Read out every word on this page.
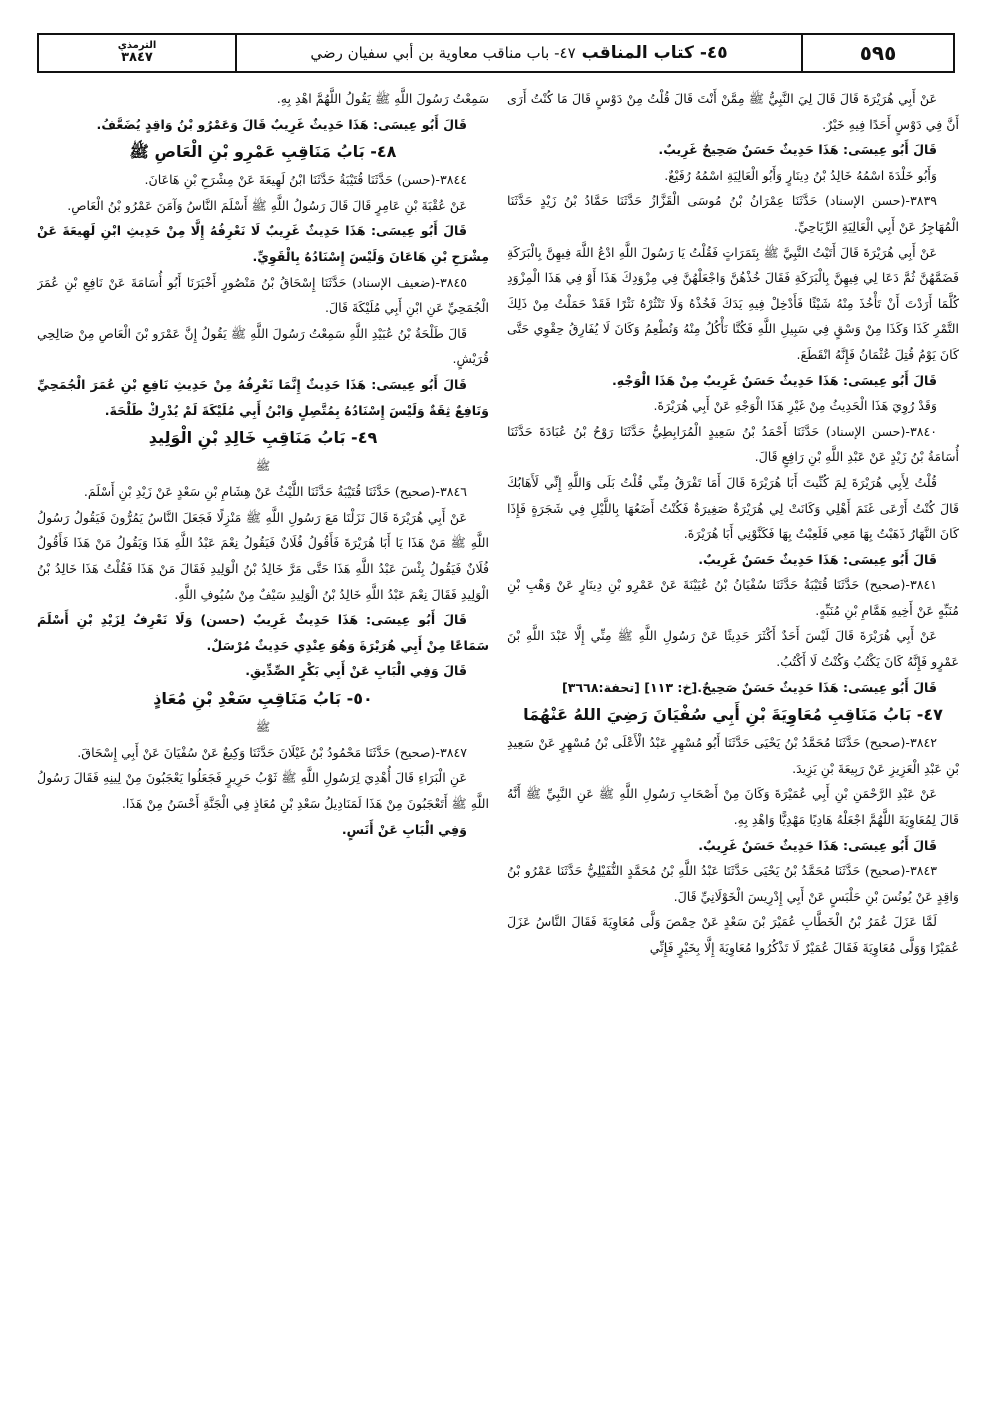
الترمذي
٣٨٤٧	٤٥- كتاب المناقب
٤٧- باب مناقب معاوية بن أبي سفيان رضي	٥٩٥

عَنْ أَبِي هُرَيْرَةَ قَالَ قَالَ لِيَ النَّبِيُّ ﷺ مِمَّنْ أَنْتَ قَالَ قُلْتُ مِنْ دَوْسٍ قَالَ مَا كُنْتُ أَرَى أَنَّ فِي دَوْسٍ أَحَدًا فِيهِ خَيْرٌ.

قَالَ أَبُو عِيسَى: هَذَا حَدِيثٌ حَسَنٌ صَحِيحٌ غَرِيبٌ.

وَأَبُو خَلْدَةَ اسْمُهُ خَالِدُ بْنُ دِينَارٍ وَأَبُو الْعَالِيَةِ اسْمُهُ رُفَيْعٌ.

٣٨٣٩-(حسن الإسناد) حَدَّثَنَا عِمْرَانُ بْنُ مُوسَى الْقَزَّازُ حَدَّثَنَا حَمَّادُ بْنُ زَيْدٍ حَدَّثَنَا الْمُهَاجِرُ عَنْ أَبِي الْعَالِيَةِ الرِّيَاحِيِّ.

عَنْ أَبِي هُرَيْرَةَ قَالَ أَتَيْتُ النَّبِيَّ ﷺ بِتَمَرَاتٍ فَقُلْتُ يَا رَسُولَ اللَّهِ ادْعُ اللَّهَ فِيهِنَّ بِالْبَرَكَةِ فَضَمَّهُنَّ ثُمَّ دَعَا لِي فِيهِنَّ بِالْبَرَكَةِ فَقَالَ خُذْهُنَّ وَاجْعَلْهُنَّ فِي مِزْوَدِكَ هَذَا أَوْ فِي هَذَا الْمِزْوَدِ كُلَّمَا أَرَدْتَ أَنْ تَأْخُذَ مِنْهُ شَيْئًا فَأَدْخِلْ فِيهِ يَدَكَ فَخُذْهُ وَلَا تَنْثُرْهُ نَثْرًا فَقَدْ حَمَلْتُ مِنْ ذَلِكَ التَّمْرِ كَذَا وَكَذَا مِنْ وَسْقٍ فِي سَبِيلِ اللَّهِ فَكُنَّا نَأْكُلُ مِنْهُ وَنُطْعِمُ وَكَانَ لَا يُفَارِقُ حِقْوِي حَتَّى كَانَ يَوْمُ قُتِلَ عُثْمَانُ فَإِنَّهُ انْقَطَعَ.

قَالَ أَبُو عِيسَى: هَذَا حَدِيثٌ حَسَنٌ غَرِيبٌ مِنْ هَذَا الْوَجْهِ.

وَقَدْ رُوِيَ هَذَا الْحَدِيثُ مِنْ غَيْرِ هَذَا الْوَجْهِ عَنْ أَبِي هُرَيْرَةَ.

٣٨٤٠-(حسن الإسناد) حَدَّثَنَا أَحْمَدُ بْنُ سَعِيدٍ الْمُرَابِطِيُّ حَدَّثَنَا رَوْحُ بْنُ عُبَادَةَ حَدَّثَنَا أُسَامَةُ بْنُ زَيْدٍ عَنْ عَبْدِ اللَّهِ بْنِ رَافِعٍ قَالَ.

قُلْتُ لِأَبِي هُرَيْرَةَ لِمَ كُنِّيتَ أَبَا هُرَيْرَةَ قَالَ أَمَا تَفْرَقُ مِنِّي قُلْتُ بَلَى وَاللَّهِ إِنِّي لَأَهَابُكَ قَالَ كُنْتُ أَرْعَى غَنَمَ أَهْلِي وَكَانَتْ لِي هُرَيْرَةٌ صَغِيرَةٌ فَكُنْتُ أَضَعُهَا بِاللَّيْلِ فِي شَجَرَةٍ فَإِذَا كَانَ النَّهَارُ ذَهَبْتُ بِهَا مَعِي فَلَعِبْتُ بِهَا فَكَنَّوْنِي أَبَا هُرَيْرَةَ.

قَالَ أَبُو عِيسَى: هَذَا حَدِيثٌ حَسَنٌ غَرِيبٌ.

٣٨٤١-(صحيح) حَدَّثَنَا قُتَيْبَةُ حَدَّثَنَا سُفْيَانُ بْنُ عُيَيْنَةَ عَنْ عَمْرِو بْنِ دِينَارٍ عَنْ وَهْبِ بْنِ مُنَبِّهٍ عَنْ أَخِيهِ هَمَّامِ بْنِ مُنَبِّهٍ.

عَنْ أَبِي هُرَيْرَةَ قَالَ لَيْسَ أَحَدٌ أَكْثَرَ حَدِيثًا عَنْ رَسُولِ اللَّهِ ﷺ مِنِّي إِلَّا عَبْدَ اللَّهِ بْنَ عَمْرٍو فَإِنَّهُ كَانَ يَكْتُبُ وَكُنْتُ لَا أَكْتُبُ.

قَالَ أَبُو عِيسَى: هَذَا حَدِيثٌ حَسَنٌ صَحِيحٌ.[خ: ١١٣] [تحفة:٣٦٦٨]

٤٧- بَابُ مَنَاقِبِ مُعَاوِيَةَ بْنِ أَبِي سُفْيَانَ رَضِيَ اللهُ عَنْهُمَا

٣٨٤٢-(صحيح) حَدَّثَنَا مُحَمَّدُ بْنُ يَحْيَى حَدَّثَنَا أَبُو مُسْهِرٍ عَبْدُ الْأَعْلَى بْنُ مُسْهِرٍ عَنْ سَعِيدِ بْنِ عَبْدِ الْعَزِيزِ عَنْ رَبِيعَةَ بْنِ يَزِيدَ.

عَنْ عَبْدِ الرَّحْمَنِ بْنِ أَبِي عُمَيْرَةَ وَكَانَ مِنْ أَصْحَابِ رَسُولِ اللَّهِ ﷺ عَنِ النَّبِيِّ ﷺ أَنَّهُ قَالَ لِمُعَاوِيَةَ اللَّهُمَّ اجْعَلْهُ هَادِيًا مَهْدِيًّا وَاهْدِ بِهِ.

قَالَ أَبُو عِيسَى: هَذَا حَدِيثٌ حَسَنٌ غَرِيبٌ.

٣٨٤٣-(صحيح) حَدَّثَنَا مُحَمَّدُ بْنُ يَحْيَى حَدَّثَنَا عَبْدُ اللَّهِ بْنُ مُحَمَّدٍ النُّفَيْلِيُّ حَدَّثَنَا عَمْرُو بْنُ وَاقِدٍ عَنْ يُونُسَ بْنِ حَلْبَسٍ عَنْ أَبِي إِدْرِيسَ الْخَوْلَانِيِّ قَالَ.

لَمَّا عَزَلَ عُمَرُ بْنُ الْخَطَّابِ عُمَيْرَ بْنَ سَعْدٍ عَنْ حِمْصَ وَلَّى مُعَاوِيَةَ فَقَالَ النَّاسُ عَزَلَ عُمَيْرًا وَوَلَّى مُعَاوِيَةَ فَقَالَ عُمَيْرٌ لَا تَذْكُرُوا مُعَاوِيَةَ إِلَّا بِخَيْرٍ فَإِنِّي

سَمِعْتُ رَسُولَ اللَّهِ ﷺ يَقُولُ اللَّهُمَّ اهْدِ بِهِ.

قَالَ أَبُو عِيسَى: هَذَا حَدِيثٌ غَرِيبٌ قَالَ وَعَمْرُو بْنُ وَاقِدٍ يُضَعَّفُ.

٤٨- بَابُ مَنَاقِبِ عَمْرِو بْنِ الْعَاصِ ﷺ

٣٨٤٤-(حسن) حَدَّثَنَا قُتَيْبَةُ حَدَّثَنَا ابْنُ لَهِيعَةَ عَنْ مِشْرَحِ بْنِ هَاعَانَ.

عَنْ عُقْبَةَ بْنِ عَامِرٍ قَالَ قَالَ رَسُولُ اللَّهِ ﷺ أَسْلَمَ النَّاسُ وَآمَنَ عَمْرُو بْنُ الْعَاصِ.

قَالَ أَبُو عِيسَى: هَذَا حَدِيثٌ غَرِيبٌ لَا نَعْرِفُهُ إِلَّا مِنْ حَدِيثِ ابْنِ لَهِيعَةَ عَنْ مِشْرَحِ بْنِ هَاعَانَ وَلَيْسَ إِسْنَادُهُ بِالْقَوِيِّ.

٣٨٤٥-(ضعيف الإسناد) حَدَّثَنَا إِسْحَاقُ بْنُ مَنْصُورٍ أَخْبَرَنَا أَبُو أُسَامَةَ عَنْ نَافِعِ بْنِ عُمَرَ الْجُمَحِيِّ عَنِ ابْنِ أَبِي مُلَيْكَةَ قَالَ.

قَالَ طَلْحَةُ بْنُ عُبَيْدِ اللَّهِ سَمِعْتُ رَسُولَ اللَّهِ ﷺ يَقُولُ إِنَّ عَمْرَو بْنَ الْعَاصِ مِنْ صَالِحِي قُرَيْشٍ.

قَالَ أَبُو عِيسَى: هَذَا حَدِيثٌ إِنَّمَا نَعْرِفُهُ مِنْ حَدِيثِ نَافِعِ بْنِ عُمَرَ الْجُمَحِيِّ وَنَافِعٌ ثِقَةٌ وَلَيْسَ إِسْنَادُهُ بِمُتَّصِلٍ وَابْنُ أَبِي مُلَيْكَةَ لَمْ يُدْرِكْ طَلْحَةَ.

٤٩- بَابُ مَنَاقِبِ خَالِدِ بْنِ الْوَلِيدِ

ﷺ

٣٨٤٦-(صحيح) حَدَّثَنَا قُتَيْبَةُ حَدَّثَنَا اللَّيْثُ عَنْ هِشَامِ بْنِ سَعْدٍ عَنْ زَيْدِ بْنِ أَسْلَمَ.

عَنْ أَبِي هُرَيْرَةَ قَالَ نَزَلْنَا مَعَ رَسُولِ اللَّهِ ﷺ مَنْزِلًا فَجَعَلَ النَّاسُ يَمُرُّونَ فَيَقُولُ رَسُولُ اللَّهِ ﷺ مَنْ هَذَا يَا أَبَا هُرَيْرَةَ فَأَقُولُ فُلَانٌ فَيَقُولُ نِعْمَ عَبْدُ اللَّهِ هَذَا وَيَقُولُ مَنْ هَذَا فَأَقُولُ فُلَانٌ فَيَقُولُ بِئْسَ عَبْدُ اللَّهِ هَذَا حَتَّى مَرَّ خَالِدُ بْنُ الْوَلِيدِ فَقَالَ مَنْ هَذَا فَقُلْتُ هَذَا خَالِدُ بْنُ الْوَلِيدِ فَقَالَ نِعْمَ عَبْدُ اللَّهِ خَالِدُ بْنُ الْوَلِيدِ سَيْفٌ مِنْ سُيُوفِ اللَّهِ.

قَالَ أَبُو عِيسَى: هَذَا حَدِيثٌ غَرِيبٌ (حسن) وَلَا نَعْرِفُ لِزَيْدِ بْنِ أَسْلَمَ سَمَاعًا مِنْ أَبِي هُرَيْرَةَ وَهُوَ عِنْدِي حَدِيثٌ مُرْسَلٌ.

قَالَ وَفِي الْبَابِ عَنْ أَبِي بَكْرٍ الصِّدِّيقِ.

٥٠- بَابُ مَنَاقِبِ سَعْدِ بْنِ مُعَاذٍ

ﷺ

٣٨٤٧-(صحيح) حَدَّثَنَا مَحْمُودُ بْنُ غَيْلَانَ حَدَّثَنَا وَكِيعٌ عَنْ سُفْيَانَ عَنْ أَبِي إِسْحَاقَ.

عَنِ الْبَرَاءِ قَالَ أُهْدِيَ لِرَسُولِ اللَّهِ ﷺ ثَوْبُ حَرِيرٍ فَجَعَلُوا يَعْجَبُونَ مِنْ لِينِهِ فَقَالَ رَسُولُ اللَّهِ ﷺ أَتَعْجَبُونَ مِنْ هَذَا لَمَنَادِيلُ سَعْدِ بْنِ مُعَاذٍ فِي الْجَنَّةِ أَحْسَنُ مِنْ هَذَا.

وَفِي الْبَابِ عَنْ أَنَسٍ.
